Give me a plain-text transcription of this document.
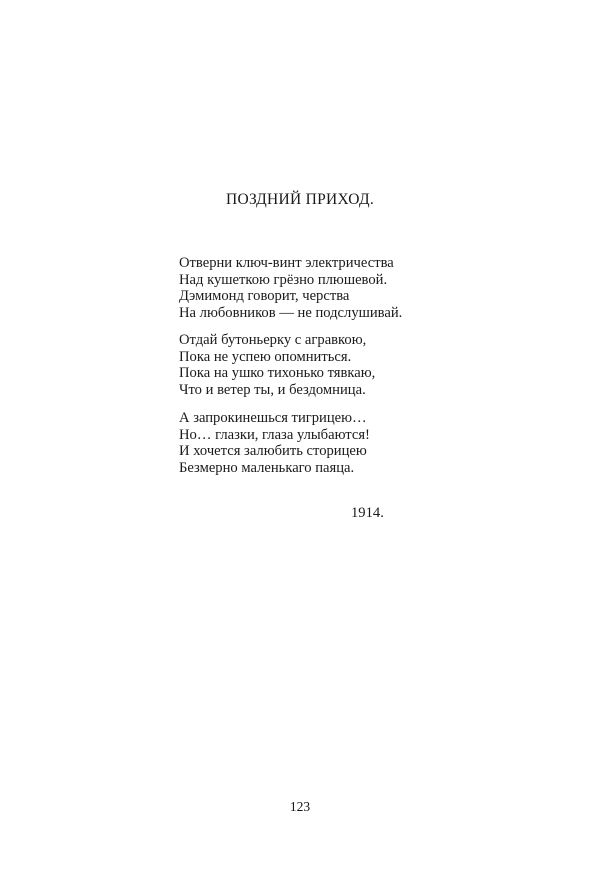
ПОЗДНИЙ ПРИХОД.
Отверни ключ-винт электричества
Над кушеткою грёзно плюшевой.
Дэмимонд говорит, черства
На любовников — не подслушивай.
Отдай бутоньерку с агравкою,
Пока не успею опомниться.
Пока на ушко тихонько тявкаю,
Что и ветер ты, и бездомница.
А запрокинешься тигрицею…
Но… глазки, глаза улыбаются!
И хочется залюбить сторицею
Безмерно маленькаго паяца.
1914.
123
